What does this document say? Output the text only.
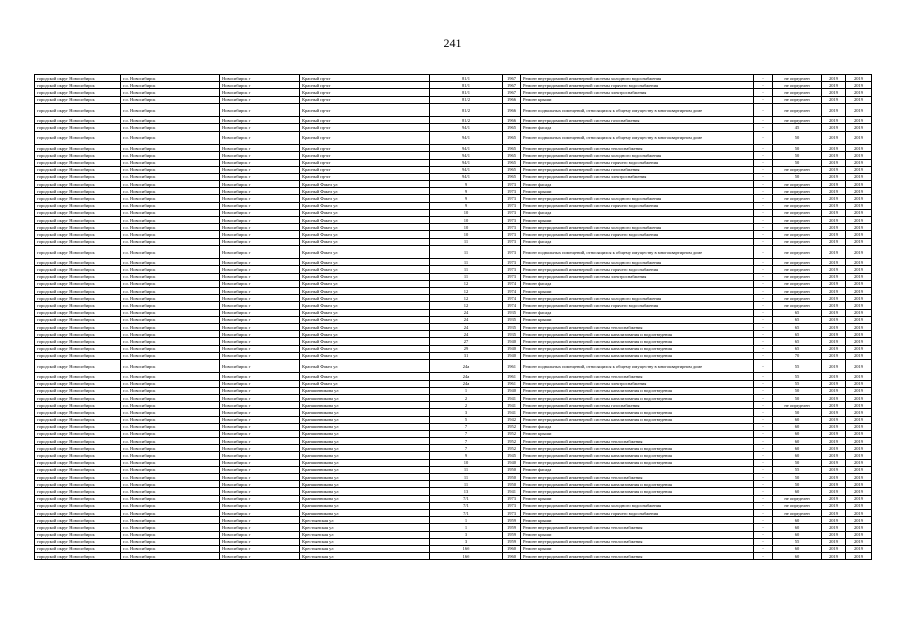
241
городской округ Новосибирск	г.о. Новосибирск	Новосибирск г	Красный пр-кт	81/1	1967	Ремонт внутридомовой инженерной системы холодного водоснабжения	-	не определен	2019	2019
городской округ Новосибирск	г.о. Новосибирск	Новосибирск г	Красный пр-кт	81/1	1967	Ремонт внутридомовой инженерной системы горячего водоснабжения	-	не определен	2019	2019
городской округ Новосибирск	г.о. Новосибирск	Новосибирск г	Красный пр-кт	81/1	1967	Ремонт внутридомовой инженерной системы электроснабжения	-	не определен	2019	2019
городской округ Новосибирск	г.о. Новосибирск	Новосибирск г	Красный пр-кт	81/2	1966	Ремонт крыши	-	не определен	2019	2019
городской округ Новосибирск	г.о. Новосибирск	Новосибирск г	Красный пр-кт	81/2	1966	Ремонт подвальных помещений, относящихся к общему имуществу в многоквартирном доме	-	не определен	2019	2019
городской округ Новосибирск	г.о. Новосибирск	Новосибирск г	Красный пр-кт	81/2	1966	Ремонт внутридомовой инженерной системы газоснабжения	-	не определен	2019	2019
городской округ Новосибирск	г.о. Новосибирск	Новосибирск г	Красный пр-кт	94/1	1965	Ремонт фасада	-	45	2019	2019
городской округ Новосибирск	г.о. Новосибирск	Новосибирск г	Красный пр-кт	94/1	1965	Ремонт подвальных помещений, относящихся к общему имуществу в многоквартирном доме	-	50	2019	2019
городской округ Новосибирск	г.о. Новосибирск	Новосибирск г	Красный пр-кт	94/1	1965	Ремонт внутридомовой инженерной системы теплоснабжения	-	50	2019	2019
городской округ Новосибирск	г.о. Новосибирск	Новосибирск г	Красный пр-кт	94/1	1965	Ремонт внутридомовой инженерной системы холодного водоснабжения	-	50	2019	2019
городской округ Новосибирск	г.о. Новосибирск	Новосибирск г	Красный пр-кт	94/1	1965	Ремонт внутридомовой инженерной системы горячего водоснабжения	-	50	2019	2019
городской округ Новосибирск	г.о. Новосибирск	Новосибирск г	Красный пр-кт	94/1	1965	Ремонт внутридомовой инженерной системы газоснабжения	-	не определен	2019	2019
городской округ Новосибирск	г.о. Новосибирск	Новосибирск г	Красный пр-кт	94/1	1965	Ремонт внутридомовой инженерной системы электроснабжения	-	50	2019	2019
городской округ Новосибирск	г.о. Новосибирск	Новосибирск г	Красный Факел ул	9	1973	Ремонт фасада	-	не определен	2019	2019
городской округ Новосибирск	г.о. Новосибирск	Новосибирск г	Красный Факел ул	9	1973	Ремонт крыши	-	не определен	2019	2019
городской округ Новосибирск	г.о. Новосибирск	Новосибирск г	Красный Факел ул	9	1973	Ремонт внутридомовой инженерной системы холодного водоснабжения	-	не определен	2019	2019
городской округ Новосибирск	г.о. Новосибирск	Новосибирск г	Красный Факел ул	9	1973	Ремонт внутридомовой инженерной системы горячего водоснабжения	-	не определен	2019	2019
городской округ Новосибирск	г.о. Новосибирск	Новосибирск г	Красный Факел ул	10	1973	Ремонт фасада	-	не определен	2019	2019
городской округ Новосибирск	г.о. Новосибирск	Новосибирск г	Красный Факел ул	10	1973	Ремонт крыши	-	не определен	2019	2019
городской округ Новосибирск	г.о. Новосибирск	Новосибирск г	Красный Факел ул	10	1973	Ремонт внутридомовой инженерной системы холодного водоснабжения	-	не определен	2019	2019
городской округ Новосибирск	г.о. Новосибирск	Новосибирск г	Красный Факел ул	10	1973	Ремонт внутридомовой инженерной системы горячего водоснабжения	-	не определен	2019	2019
городской округ Новосибирск	г.о. Новосибирск	Новосибирск г	Красный Факел ул	11	1973	Ремонт фасада	-	не определен	2019	2019
городской округ Новосибирск	г.о. Новосибирск	Новосибирск г	Красный Факел ул	11	1973	Ремонт подвальных помещений, относящихся к общему имуществу в многоквартирном доме	-	не определен	2019	2019
городской округ Новосибирск	г.о. Новосибирск	Новосибирск г	Красный Факел ул	11	1973	Ремонт внутридомовой инженерной системы холодного водоснабжения	-	не определен	2019	2019
городской округ Новосибирск	г.о. Новосибирск	Новосибирск г	Красный Факел ул	11	1973	Ремонт внутридомовой инженерной системы горячего водоснабжения	-	не определен	2019	2019
городской округ Новосибирск	г.о. Новосибирск	Новосибирск г	Красный Факел ул	11	1973	Ремонт внутридомовой инженерной системы электроснабжения	-	не определен	2019	2019
городской округ Новосибирск	г.о. Новосибирск	Новосибирск г	Красный Факел ул	12	1974	Ремонт фасада	-	не определен	2019	2019
городской округ Новосибирск	г.о. Новосибирск	Новосибирск г	Красный Факел ул	12	1974	Ремонт крыши	-	не определен	2019	2019
городской округ Новосибирск	г.о. Новосибирск	Новосибирск г	Красный Факел ул	12	1974	Ремонт внутридомовой инженерной системы холодного водоснабжения	-	не определен	2019	2019
городской округ Новосибирск	г.о. Новосибирск	Новосибирск г	Красный Факел ул	12	1974	Ремонт внутридомовой инженерной системы горячего водоснабжения	-	не определен	2019	2019
городской округ Новосибирск	г.о. Новосибирск	Новосибирск г	Красный Факел ул	24	1935	Ремонт фасада	-	65	2019	2019
городской округ Новосибирск	г.о. Новосибирск	Новосибирск г	Красный Факел ул	24	1935	Ремонт крыши	-	65	2019	2019
городской округ Новосибирск	г.о. Новосибирск	Новосибирск г	Красный Факел ул	24	1935	Ремонт внутридомовой инженерной системы теплоснабжения	-	65	2019	2019
городской округ Новосибирск	г.о. Новосибирск	Новосибирск г	Красный Факел ул	24	1935	Ремонт внутридомовой инженерной системы канализования и водоотведения	-	65	2019	2019
городской округ Новосибирск	г.о. Новосибирск	Новосибирск г	Красный Факел ул	27	1940	Ремонт внутридомовой инженерной системы канализования и водоотведения	-	65	2019	2019
городской округ Новосибирск	г.о. Новосибирск	Новосибирск г	Красный Факел ул	29	1940	Ремонт внутридомовой инженерной системы канализования и водоотведения	-	65	2019	2019
городской округ Новосибирск	г.о. Новосибирск	Новосибирск г	Красный Факел ул	31	1940	Ремонт внутридомовой инженерной системы канализования и водоотведения	-	70	2019	2019
городской округ Новосибирск	г.о. Новосибирск	Новосибирск г	Красный Факел ул	24а	1961	Ремонт подвальных помещений, относящихся к общему имуществу в многоквартирном доме	-	55	2019	2019
городской округ Новосибирск	г.о. Новосибирск	Новосибирск г	Красный Факел ул	24а	1961	Ремонт внутридомовой инженерной системы теплоснабжения	-	55	2019	2019
городской округ Новосибирск	г.о. Новосибирск	Новосибирск г	Красный Факел ул	24а	1961	Ремонт внутридомовой инженерной системы электроснабжения	-	55	2019	2019
городской округ Новосибирск	г.о. Новосибирск	Новосибирск г	Краншинникова ул	1	1940	Ремонт внутридомовой инженерной системы канализования и водоотведения	-	50	2019	2019
городской округ Новосибирск	г.о. Новосибирск	Новосибирск г	Краншинникова ул	2	1941	Ремонт внутридомовой инженерной системы канализования и водоотведения	-	50	2019	2019
городской округ Новосибирск	г.о. Новосибирск	Новосибирск г	Краншинникова ул	2	1941	Ремонт внутридомовой инженерной системы газоснабжения	-	не определен	2019	2019
городской округ Новосибирск	г.о. Новосибирск	Новосибирск г	Краншинникова ул	3	1941	Ремонт внутридомовой инженерной системы канализования и водоотведения	-	50	2019	2019
городской округ Новосибирск	г.о. Новосибирск	Новосибирск г	Краншинникова ул	5	1942	Ремонт внутридомовой инженерной системы канализования и водоотведения	-	60	2019	2019
городской округ Новосибирск	г.о. Новосибирск	Новосибирск г	Краншинникова ул	7	1952	Ремонт фасада	-	60	2019	2019
городской округ Новосибирск	г.о. Новосибирск	Новосибирск г	Краншинникова ул	7	1952	Ремонт крыши	-	60	2019	2019
городской округ Новосибирск	г.о. Новосибирск	Новосибирск г	Краншинникова ул	7	1952	Ремонт внутридомовой инженерной системы теплоснабжения	-	60	2019	2019
городской округ Новосибирск	г.о. Новосибирск	Новосибирск г	Краншинникова ул	7	1952	Ремонт внутридомовой инженерной системы канализования и водоотведения	-	60	2019	2019
городской округ Новосибирск	г.о. Новосибирск	Новосибирск г	Краншинникова ул	9	1945	Ремонт внутридомовой инженерной системы канализования и водоотведения	-	60	2019	2019
городской округ Новосибирск	г.о. Новосибирск	Новосибирск г	Краншинникова ул	10	1940	Ремонт внутридомовой инженерной системы канализования и водоотведения	-	50	2019	2019
городской округ Новосибирск	г.о. Новосибирск	Новосибирск г	Краншинникова ул	11	1950	Ремонт фасада	-	55	2019	2019
городской округ Новосибирск	г.о. Новосибирск	Новосибирск г	Краншинникова ул	11	1950	Ремонт внутридомовой инженерной системы теплоснабжения	-	50	2019	2019
городской округ Новосибирск	г.о. Новосибирск	Новосибирск г	Краншинникова ул	11	1950	Ремонт внутридомовой инженерной системы канализования и водоотведения	-	50	2019	2019
городской округ Новосибирск	г.о. Новосибирск	Новосибирск г	Краншинникова ул	13	1941	Ремонт внутридомовой инженерной системы канализования и водоотведения	-	60	2019	2019
городской округ Новосибирск	г.о. Новосибирск	Новосибирск г	Краншинникова ул	7/1	1973	Ремонт крыши	-	не определен	2019	2019
городской округ Новосибирск	г.о. Новосибирск	Новосибирск г	Краншинникова ул	7/1	1973	Ремонт внутридомовой инженерной системы холодного водоснабжения	-	не определен	2019	2019
городской округ Новосибирск	г.о. Новосибирск	Новосибирск г	Краншинникова ул	7/1	1973	Ремонт внутридомовой инженерной системы горячего водоснабжения	-	не определен	2019	2019
городской округ Новосибирск	г.о. Новосибирск	Новосибирск г	Крестьянская ул	1	1959	Ремонт крыши	-	60	2019	2019
городской округ Новосибирск	г.о. Новосибирск	Новосибирск г	Крестьянская ул	1	1959	Ремонт внутридомовой инженерной системы теплоснабжения	-	60	2019	2019
городской округ Новосибирск	г.о. Новосибирск	Новосибирск г	Крестьянская ул	3	1959	Ремонт крыши	-	60	2019	2019
городской округ Новосибирск	г.о. Новосибирск	Новосибирск г	Крестьянская ул	3	1959	Ремонт внутридомовой инженерной системы теплоснабжения	-	55	2019	2019
городской округ Новосибирск	г.о. Новосибирск	Новосибирск г	Крестьянская ул	16б	1960	Ремонт крыши	-	60	2019	2019
городской округ Новосибирск	г.о. Новосибирск	Новосибирск г	Крестьянская ул	16б	1960	Ремонт внутридомовой инженерной системы теплоснабжения	-	60	2019	2019
